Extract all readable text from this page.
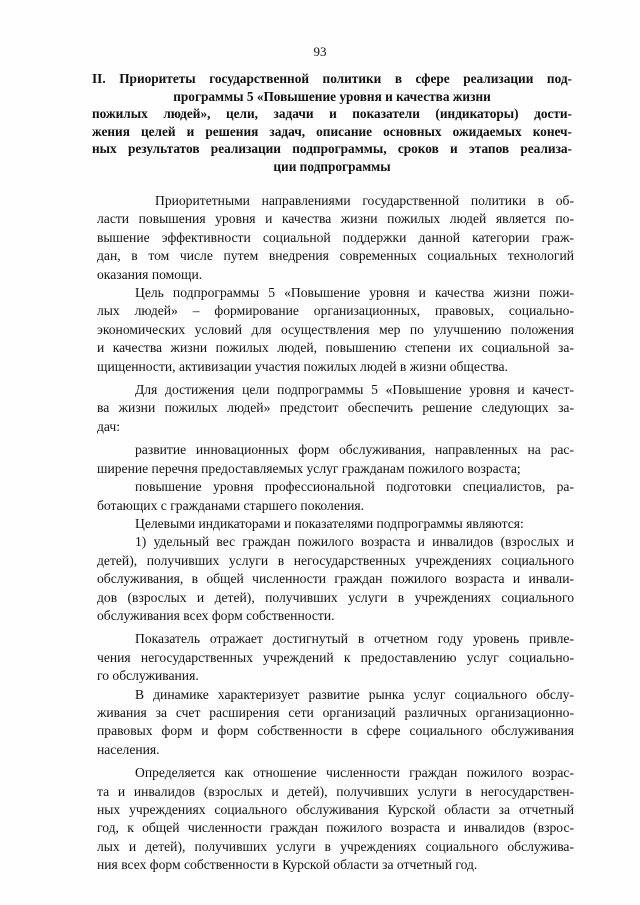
93
II. Приоритеты государственной политики в сфере реализации под-
программы 5 «Повышение уровня и качества жизни
пожилых людей», цели, задачи и показатели (индикаторы) дости-
жения целей и решения задач, описание основных ожидаемых конеч-
ных результатов реализации подпрограммы, сроков и этапов реализа-
ции подпрограммы

Приоритетными направлениями государственной политики в об-
ласти повышения уровня и качества жизни пожилых людей является по-
вышение эффективности социальной поддержки данной категории граж-
дан, в том числе путем внедрения современных социальных технологий
оказания помощи.

Цель подпрограммы 5 «Повышение уровня и качества жизни пожи-
лых людей» – формирование организационных, правовых, социально-
экономических условий для осуществления мер по улучшению положения
и качества жизни пожилых людей, повышению степени их социальной за-
щищенности, активизации участия пожилых людей в жизни общества.

Для достижения цели подпрограммы 5 «Повышение уровня и качест-
ва жизни пожилых людей» предстоит обеспечить решение следующих за-
дач:

развитие инновационных форм обслуживания, направленных на рас-
ширение перечня предоставляемых услуг гражданам пожилого возраста;

повышение уровня профессиональной подготовки специалистов, ра-
ботающих с гражданами старшего поколения.

Целевыми индикаторами и показателями подпрограммы являются:

1) удельный вес граждан пожилого возраста и инвалидов (взрослых и
детей), получивших услуги в негосударственных учреждениях социального
обслуживания, в общей численности граждан пожилого возраста и инвали-
дов (взрослых и детей), получивших услуги в учреждениях социального
обслуживания всех форм собственности.

Показатель отражает достигнутый в отчетном году уровень привле-
чения негосударственных учреждений к предоставлению услуг социально-
го обслуживания.

В динамике характеризует развитие рынка услуг социального обслу-
живания за счет расширения сети организаций различных организационно-
правовых форм и форм собственности в сфере социального обслуживания
населения.

Определяется как отношение численности граждан пожилого возрас-
та и инвалидов (взрослых и детей), получивших услуги в негосударствен-
ных учреждениях социального обслуживания Курской области за отчетный
год, к общей численности граждан пожилого возраста и инвалидов (взрос-
лых и детей), получивших услуги в учреждениях социального обслужива-
ния всех форм собственности в Курской области за отчетный год.
